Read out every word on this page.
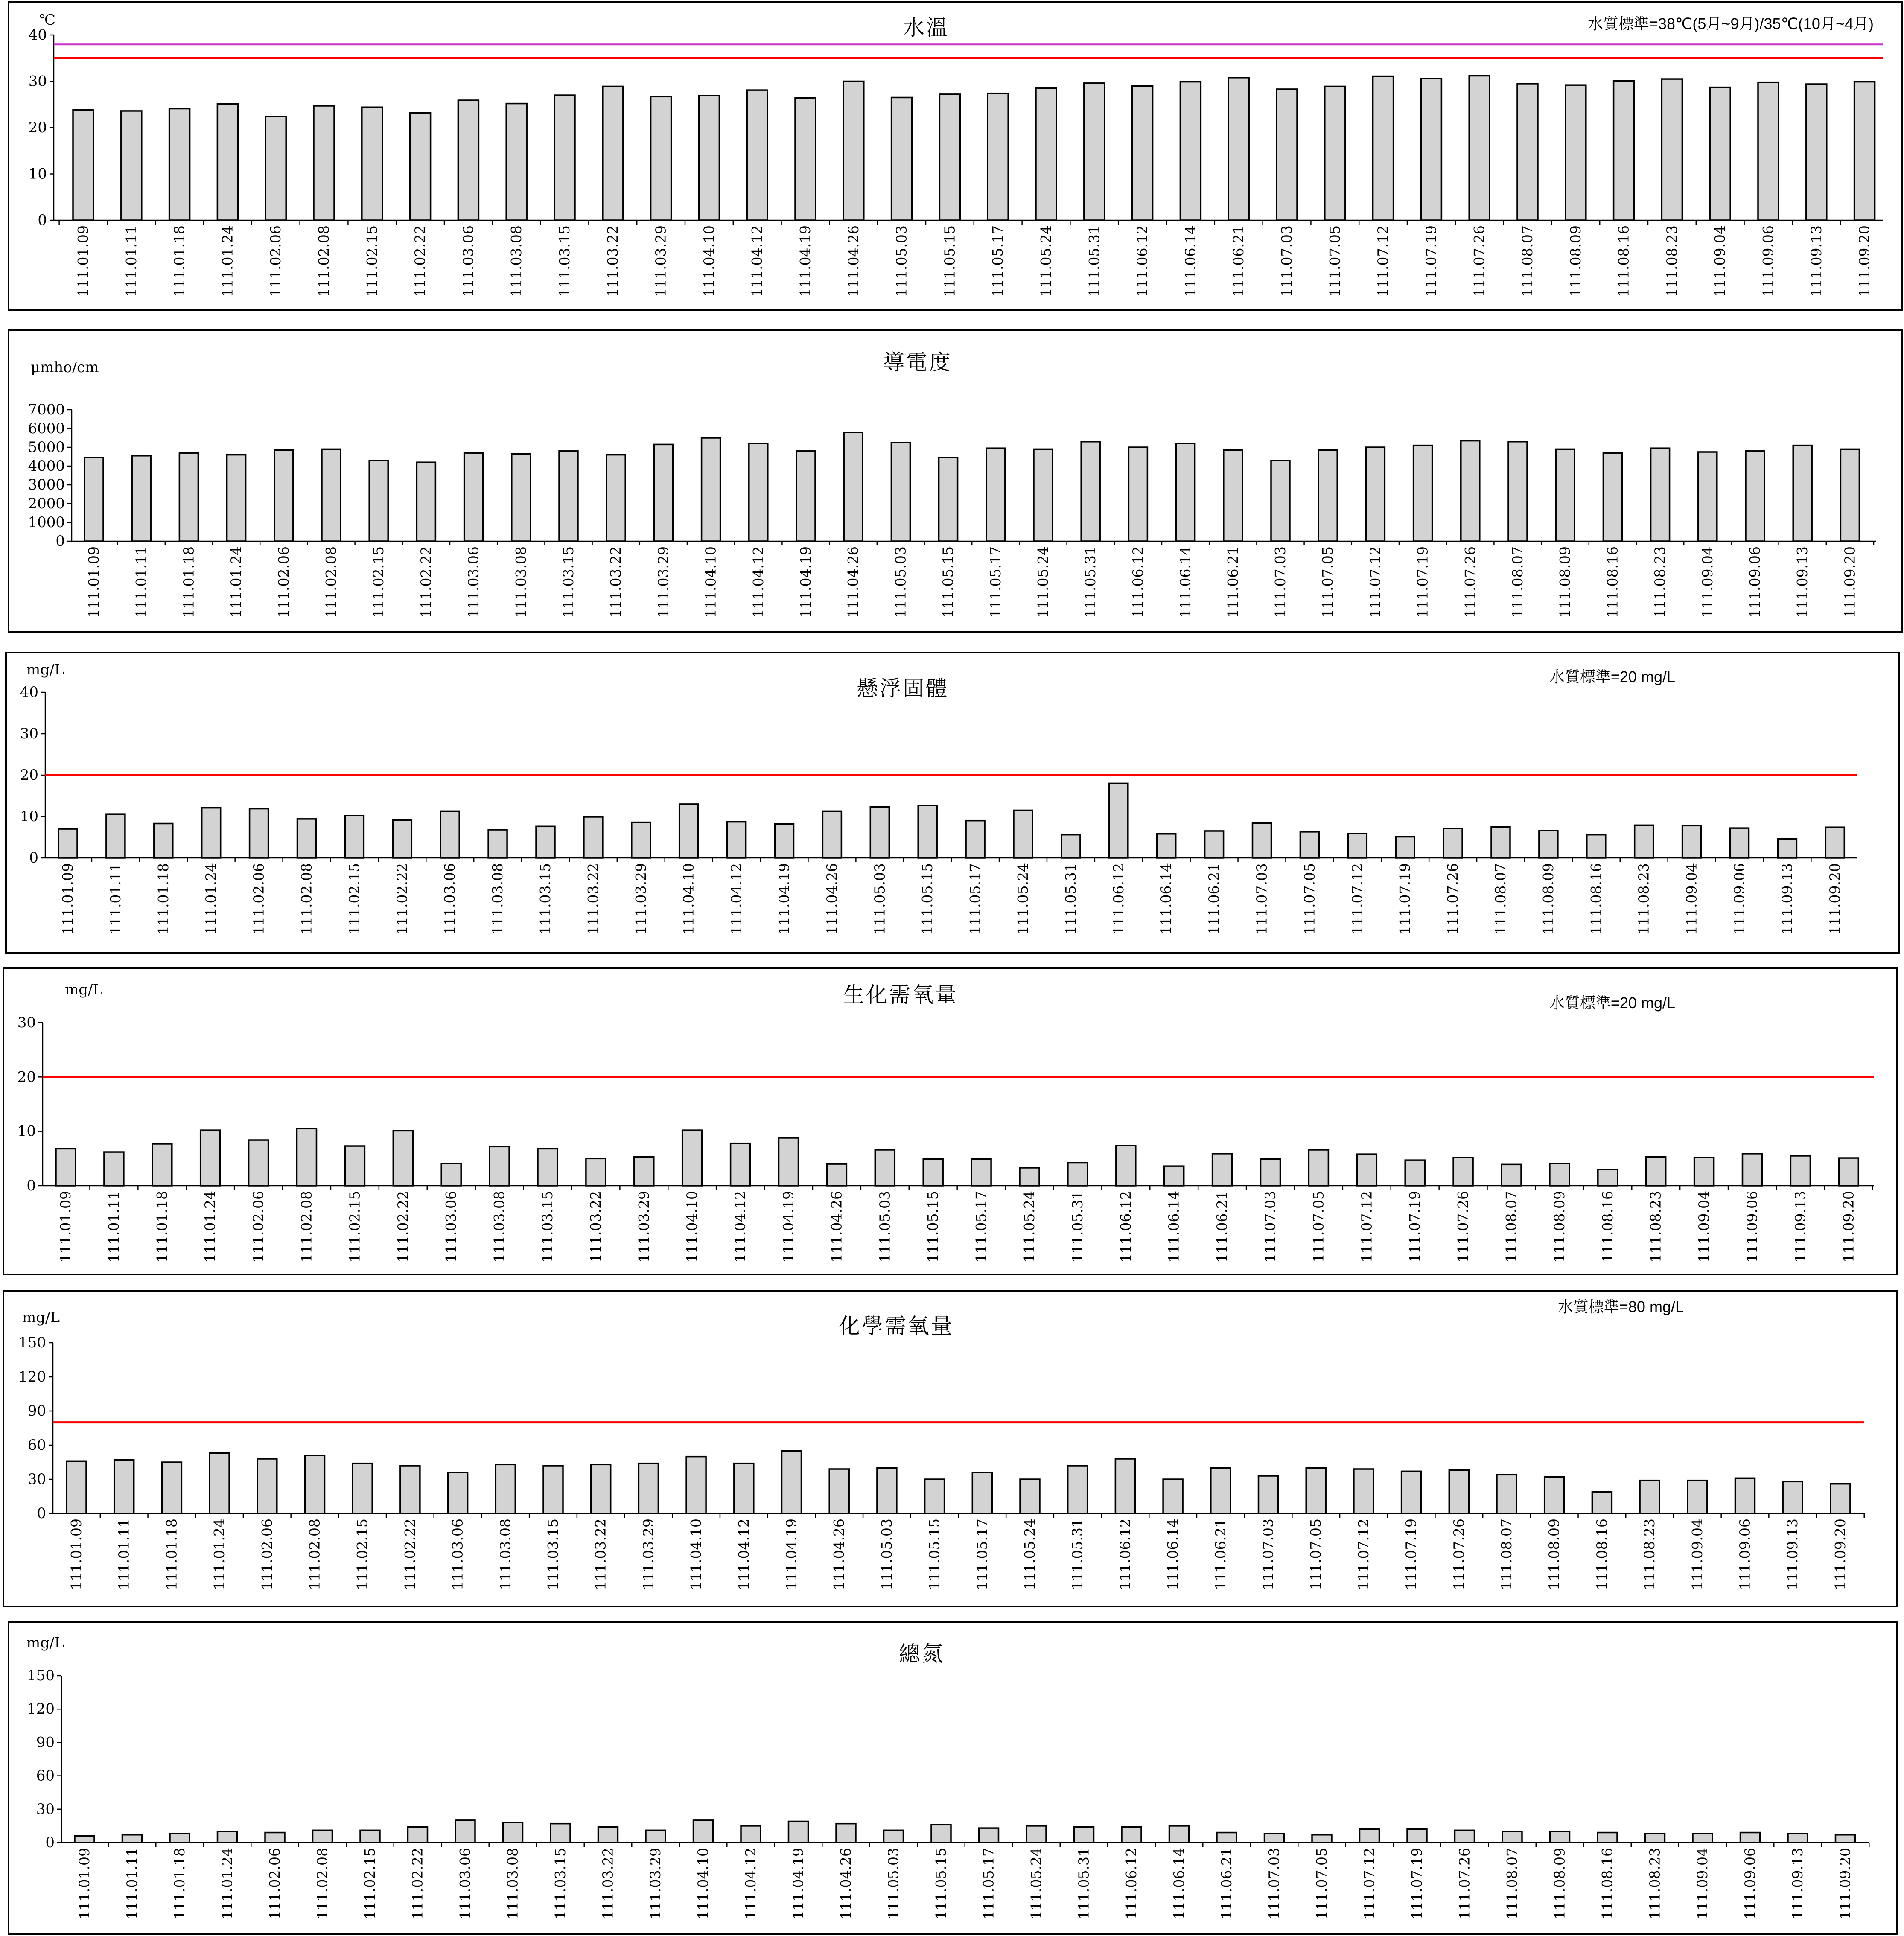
水溫
℃	水質標準=38℃(5月~9月)/35℃(10月~4月)
0
10
20
30
40
111.01.09 111.01.11 111.01.18 111.01.24 111.02.06 111.02.08 111.02.15 111.02.22 111.03.06 111.03.08 111.03.15 111.03.22 111.03.29 111.04.10 111.04.12 111.04.19 111.04.26 111.05.03 111.05.15 111.05.17 111.05.24 111.05.31 111.06.12 111.06.14 111.06.21 111.07.03 111.07.05 111.07.12 111.07.19 111.07.26 111.08.07 111.08.09 111.08.16 111.08.23 111.09.04 111.09.06 111.09.13 111.09.20
導電度
μmho/cm
0
1000
2000
3000
4000
5000
6000
7000
111.01.09 111.01.11 111.01.18 111.01.24 111.02.06 111.02.08 111.02.15 111.02.22 111.03.06 111.03.08 111.03.15 111.03.22 111.03.29 111.04.10 111.04.12 111.04.19 111.04.26 111.05.03 111.05.15 111.05.17 111.05.24 111.05.31 111.06.12 111.06.14 111.06.21 111.07.03 111.07.05 111.07.12 111.07.19 111.07.26 111.08.07 111.08.09 111.08.16 111.08.23 111.09.04 111.09.06 111.09.13 111.09.20
懸浮固體
mg/L	水質標準=20 mg/L
0
10
20
30
40
111.01.09 111.01.11 111.01.18 111.01.24 111.02.06 111.02.08 111.02.15 111.02.22 111.03.06 111.03.08 111.03.15 111.03.22 111.03.29 111.04.10 111.04.12 111.04.19 111.04.26 111.05.03 111.05.15 111.05.17 111.05.24 111.05.31 111.06.12 111.06.14 111.06.21 111.07.03 111.07.05 111.07.12 111.07.19 111.07.26 111.08.07 111.08.09 111.08.16 111.08.23 111.09.04 111.09.06 111.09.13 111.09.20
生化需氧量
mg/L
水質標準=20 mg/L
0
10
20
30
111.01.09 111.01.11 111.01.18 111.01.24 111.02.06 111.02.08 111.02.15 111.02.22 111.03.06 111.03.08 111.03.15 111.03.22 111.03.29 111.04.10 111.04.12 111.04.19 111.04.26 111.05.03 111.05.15 111.05.17 111.05.24 111.05.31 111.06.12 111.06.14 111.06.21 111.07.03 111.07.05 111.07.12 111.07.19 111.07.26 111.08.07 111.08.09 111.08.16 111.08.23 111.09.04 111.09.06 111.09.13 111.09.20
化學需氧量
mg/L
水質標準=80 mg/L
0
30
60
90
120
150
111.01.09 111.01.11 111.01.18 111.01.24 111.02.06 111.02.08 111.02.15 111.02.22 111.03.06 111.03.08 111.03.15 111.03.22 111.03.29 111.04.10 111.04.12 111.04.19 111.04.26 111.05.03 111.05.15 111.05.17 111.05.24 111.05.31 111.06.12 111.06.14 111.06.21 111.07.03 111.07.05 111.07.12 111.07.19 111.07.26 111.08.07 111.08.09 111.08.16 111.08.23 111.09.04 111.09.06 111.09.13 111.09.20
總氮
mg/L
0
30
60
90
120
150
111.01.09 111.01.11 111.01.18 111.01.24 111.02.06 111.02.08 111.02.15 111.02.22 111.03.06 111.03.08 111.03.15 111.03.22 111.03.29 111.04.10 111.04.12 111.04.19 111.04.26 111.05.03 111.05.15 111.05.17 111.05.24 111.05.31 111.06.12 111.06.14 111.06.21 111.07.03 111.07.05 111.07.12 111.07.19 111.07.26 111.08.07 111.08.09 111.08.16 111.08.23 111.09.04 111.09.06 111.09.13 111.09.20
